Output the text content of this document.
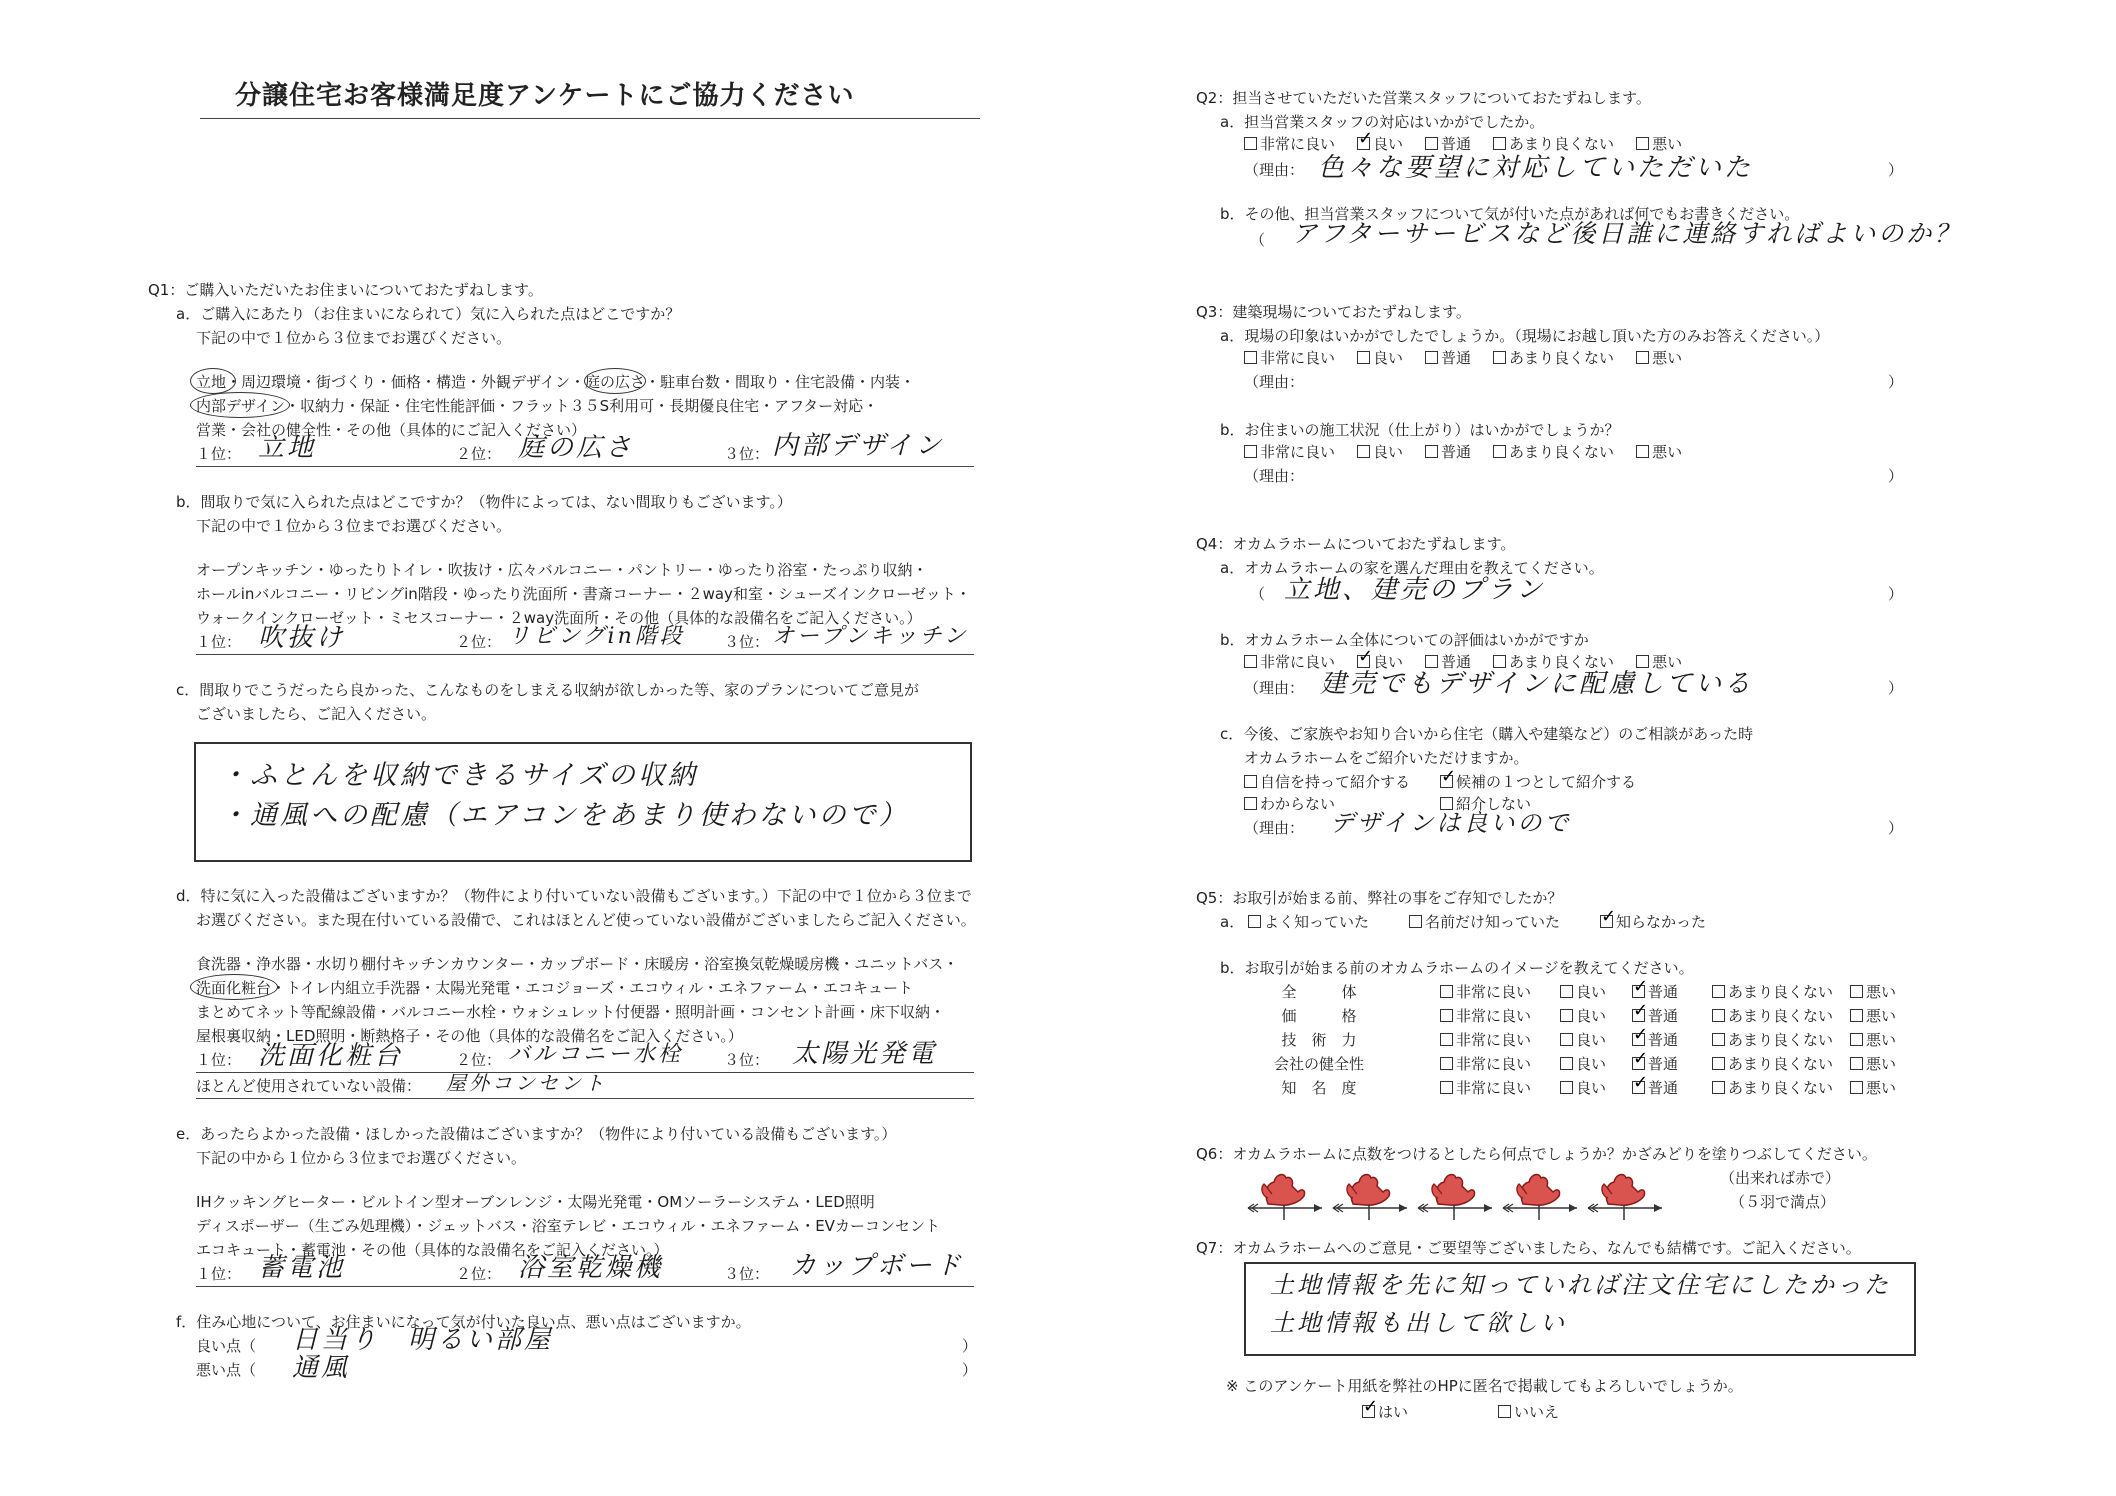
分譲住宅お客様満足度アンケートにご協力ください
Q1：ご購入いただいたお住まいについておたずねします。
a．ご購入にあたり（お住まいになられて）気に入られた点はどこですか？
下記の中で１位から３位までお選びください。
立地・周辺環境・街づくり・価格・構造・外観デザイン・庭の広さ・駐車台数・間取り・住宅設備・内装・
内部デザイン・収納力・保証・住宅性能評価・フラット３５S利用可・長期優良住宅・アフター対応・
営業・会社の健全性・その他（具体的にご記入ください）
１位： 立地	２位： 庭の広さ	３位： 内部デザイン
b．間取りで気に入られた点はどこですか？（物件によっては、ない間取りもございます。）
下記の中で１位から３位までお選びください。
オープンキッチン・ゆったりトイレ・吹抜け・広々バルコニー・パントリー・ゆったり浴室・たっぷり収納・
ホールinバルコニー・リビングin階段・ゆったり洗面所・書斎コーナー・２way和室・シューズインクローゼット・
ウォークインクローゼット・ミセスコーナー・２way洗面所・その他（具体的な設備名をご記入ください。）
１位： 吹抜け	２位： リビングin階段	３位： オープンキッチン
c．間取りでこうだったら良かった、こんなものをしまえる収納が欲しかった等、家のプランについてご意見が
ございましたら、ご記入ください。
・ふとんを収納できるサイズの収納
・通風への配慮（エアコンをあまり使わないので）
d．特に気に入った設備はございますか？（物件により付いていない設備もございます。）下記の中で１位から３位まで
お選びください。また現在付いている設備で、これはほとんど使っていない設備がございましたらご記入ください。
食洗器・浄水器・水切り棚付キッチンカウンター・カップボード・床暖房・浴室換気乾燥暖房機・ユニットバス・
洗面化粧台・トイレ内組立手洗器・太陽光発電・エコジョーズ・エコウィル・エネファーム・エコキュート
まとめてネット等配線設備・バルコニー水栓・ウォシュレット付便器・照明計画・コンセント計画・床下収納・
屋根裏収納・LED照明・断熱格子・その他（具体的な設備名をご記入ください。）
１位： 洗面化粧台	２位： バルコニー水栓	３位： 太陽光発電
ほとんど使用されていない設備： 屋外コンセント
e．あったらよかった設備・ほしかった設備はございますか？（物件により付いている設備もございます。）
下記の中から１位から３位までお選びください。
IHクッキングヒーター・ビルトイン型オーブンレンジ・太陽光発電・OMソーラーシステム・LED照明
ディスポーザー（生ごみ処理機）・ジェットバス・浴室テレビ・エコウィル・エネファーム・EVカーコンセント
エコキュート・蓄電池・その他（具体的な設備名をご記入ください。）
１位： 蓄電池	２位： 浴室乾燥機	３位： カップボード
f．住み心地について、お住まいになって気が付いた良い点、悪い点はございますか。
良い点（ 日当り　明るい部屋	）
悪い点（ 通風	）
Q2：担当させていただいた営業スタッフについておたずねします。
a．担当営業スタッフの対応はいかがでしたか。
非常に良い ✓	良い	普通	あまり良くない	悪い
（理由： 色々な要望に対応していただいた	）
b．その他、担当営業スタッフについて気が付いた点があれば何でもお書きください。
（ アフターサービスなど後日誰に連絡すればよいのか？
Q3：建築現場についておたずねします。
a．現場の印象はいかがでしたでしょうか。（現場にお越し頂いた方のみお答えください。）
非常に良い	良い	普通	あまり良くない	悪い
（理由：	）
b．お住まいの施工状況（仕上がり）はいかがでしょうか？
非常に良い	良い	普通	あまり良くない	悪い
（理由：	）
Q4：オカムラホームについておたずねします。
a．オカムラホームの家を選んだ理由を教えてください。
（ 立地、建売のプラン	）
b．オカムラホーム全体についての評価はいかがですか
非常に良い ✓	良い	普通	あまり良くない	悪い
（理由： 建売でもデザインに配慮している	）
c．今後、ご家族やお知り合いから住宅（購入や建築など）のご相談があった時
オカムラホームをご紹介いただけますか。
自信を持って紹介する ✓	候補の１つとして紹介する
わからない	紹介しない
（理由： デザインは良いので	）
Q5：お取引が始まる前、弊社の事をご存知でしたか？
a．	よく知っていた	名前だけ知っていた ✓	知らなかった
b．お取引が始まる前のオカムラホームのイメージを教えてください。
全　　　体	非常に良い	良い ✓	普通	あまり良くない	悪い
価　　　格	非常に良い	良い ✓	普通	あまり良くない	悪い
技　術　力	非常に良い	良い ✓	普通	あまり良くない	悪い
会社の健全性	非常に良い	良い ✓	普通	あまり良くない	悪い
知　名　度	非常に良い	良い ✓	普通	あまり良くない	悪い
Q6：オカムラホームに点数をつけるとしたら何点でしょうか？かざみどりを塗りつぶしてください。
（出来れば赤で）
（５羽で満点）
Q7：オカムラホームへのご意見・ご要望等ございましたら、なんでも結構です。ご記入ください。
土地情報を先に知っていれば注文住宅にしたかった
土地情報も出して欲しい
※ このアンケート用紙を弊社のHPに匿名で掲載してもよろしいでしょうか。
✓はい	いいえ
